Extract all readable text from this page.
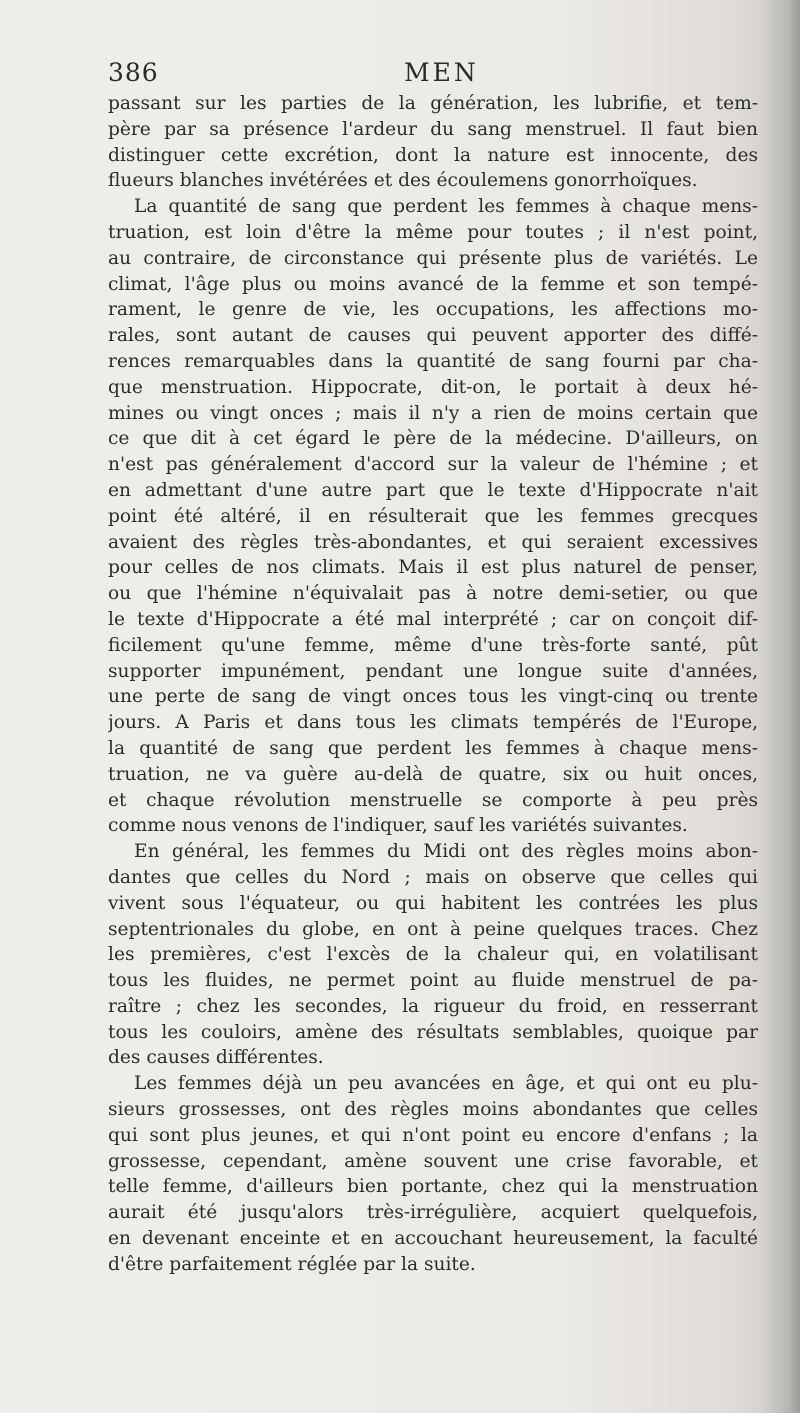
386	MEN
passant sur les parties de la génération, les lubrifie, et tem-
père par sa présence l'ardeur du sang menstruel. Il faut bien
distinguer cette excrétion, dont la nature est innocente, des
flueurs blanches invétérées et des écoulemens gonorrhoïques.
La quantité de sang que perdent les femmes à chaque mens-
truation, est loin d'être la même pour toutes ; il n'est point,
au contraire, de circonstance qui présente plus de variétés. Le
climat, l'âge plus ou moins avancé de la femme et son tempé-
rament, le genre de vie, les occupations, les affections mo-
rales, sont autant de causes qui peuvent apporter des diffé-
rences remarquables dans la quantité de sang fourni par cha-
que menstruation. Hippocrate, dit-on, le portait à deux hé-
mines ou vingt onces ; mais il n'y a rien de moins certain que
ce que dit à cet égard le père de la médecine. D'ailleurs, on
n'est pas généralement d'accord sur la valeur de l'hémine ; et
en admettant d'une autre part que le texte d'Hippocrate n'ait
point été altéré, il en résulterait que les femmes grecques
avaient des règles très-abondantes, et qui seraient excessives
pour celles de nos climats. Mais il est plus naturel de penser,
ou que l'hémine n'équivalait pas à notre demi-setier, ou que
le texte d'Hippocrate a été mal interprété ; car on conçoit dif-
ficilement qu'une femme, même d'une très-forte santé, pût
supporter impunément, pendant une longue suite d'années,
une perte de sang de vingt onces tous les vingt-cinq ou trente
jours. A Paris et dans tous les climats tempérés de l'Europe,
la quantité de sang que perdent les femmes à chaque mens-
truation, ne va guère au-delà de quatre, six ou huit onces,
et chaque révolution menstruelle se comporte à peu près
comme nous venons de l'indiquer, sauf les variétés suivantes.
En général, les femmes du Midi ont des règles moins abon-
dantes que celles du Nord ; mais on observe que celles qui
vivent sous l'équateur, ou qui habitent les contrées les plus
septentrionales du globe, en ont à peine quelques traces. Chez
les premières, c'est l'excès de la chaleur qui, en volatilisant
tous les fluides, ne permet point au fluide menstruel de pa-
raître ; chez les secondes, la rigueur du froid, en resserrant
tous les couloirs, amène des résultats semblables, quoique par
des causes différentes.
Les femmes déjà un peu avancées en âge, et qui ont eu plu-
sieurs grossesses, ont des règles moins abondantes que celles
qui sont plus jeunes, et qui n'ont point eu encore d'enfans ; la
grossesse, cependant, amène souvent une crise favorable, et
telle femme, d'ailleurs bien portante, chez qui la menstruation
aurait été jusqu'alors très-irrégulière, acquiert quelquefois,
en devenant enceinte et en accouchant heureusement, la faculté
d'être parfaitement réglée par la suite.
